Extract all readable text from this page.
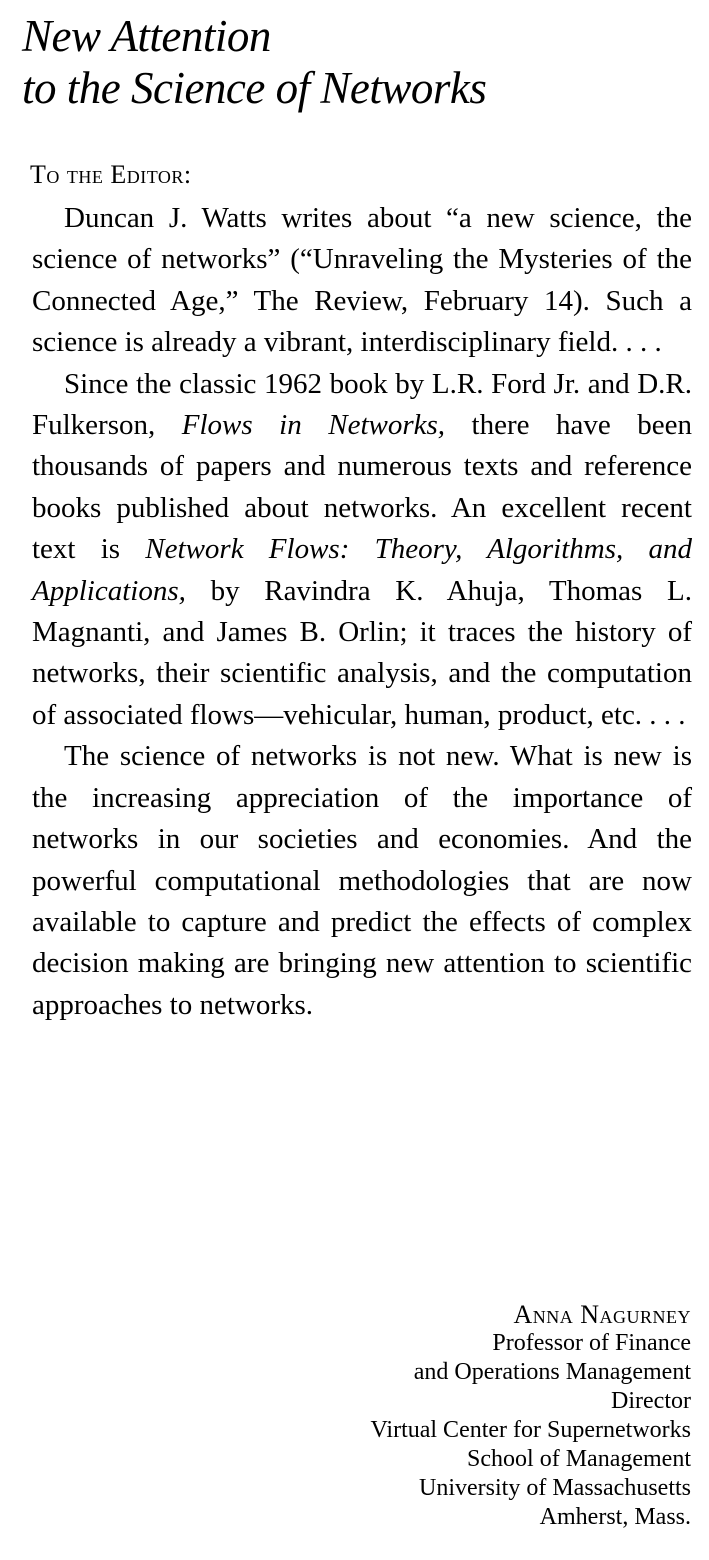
New Attention
to the Science of Networks
To the Editor:

Duncan J. Watts writes about “a new science, the science of networks” (“Unraveling the Mysteries of the Connected Age,” The Review, February 14). Such a science is already a vibrant, interdisciplinary field. . . .

Since the classic 1962 book by L.R. Ford Jr. and D.R. Fulkerson, Flows in Networks, there have been thousands of papers and numerous texts and reference books published about networks. An excellent recent text is Network Flows: Theory, Algorithms, and Applications, by Ravindra K. Ahuja, Thomas L. Magnanti, and James B. Orlin; it traces the history of networks, their scientific analysis, and the computation of associated flows—vehicular, human, product, etc. . . .

The science of networks is not new. What is new is the increasing appreciation of the importance of networks in our societies and economies. And the powerful computational methodologies that are now available to capture and predict the effects of complex decision making are bringing new attention to scientific approaches to networks.

Anna Nagurney
Professor of Finance
and Operations Management
Director
Virtual Center for Supernetworks
School of Management
University of Massachusetts
Amherst, Mass.
